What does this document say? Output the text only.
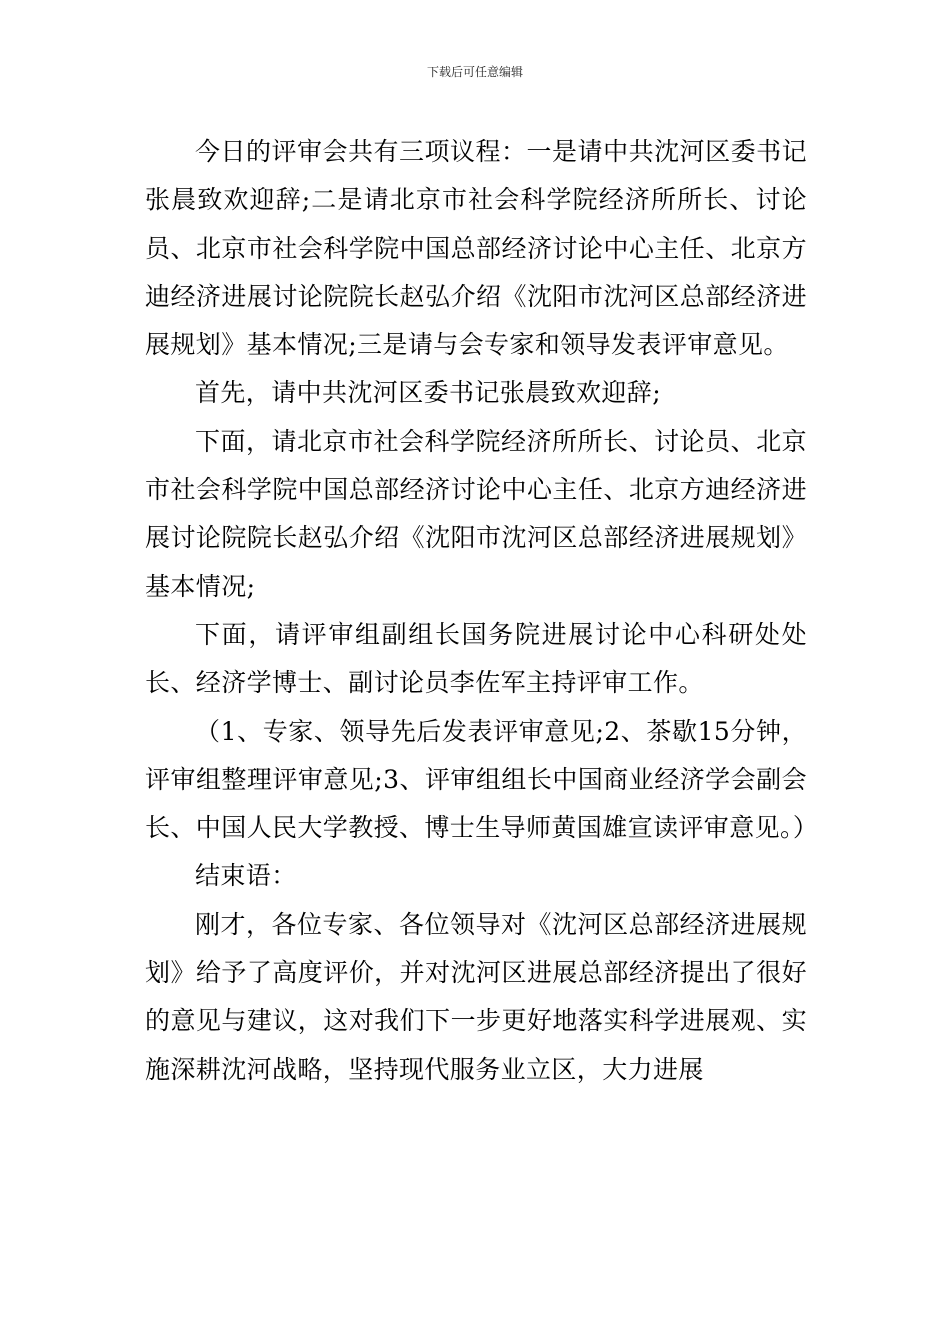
下载后可任意编辑

今日的评审会共有三项议程：一是请中共沈河区委书记张晨致欢迎辞;二是请北京市社会科学院经济所所长、讨论员、北京市社会科学院中国总部经济讨论中心主任、北京方迪经济进展讨论院院长赵弘介绍《沈阳市沈河区总部经济进展规划》基本情况;三是请与会专家和领导发表评审意见。

首先，请中共沈河区委书记张晨致欢迎辞;

下面，请北京市社会科学院经济所所长、讨论员、北京市社会科学院中国总部经济讨论中心主任、北京方迪经济进展讨论院院长赵弘介绍《沈阳市沈河区总部经济进展规划》基本情况;

下面，请评审组副组长国务院进展讨论中心科研处处长、经济学博士、副讨论员李佐军主持评审工作。

（1、专家、领导先后发表评审意见;2、茶歇15分钟，评审组整理评审意见;3、评审组组长中国商业经济学会副会长、中国人民大学教授、博士生导师黄国雄宣读评审意见。）

结束语：

刚才，各位专家、各位领导对《沈河区总部经济进展规划》给予了高度评价，并对沈河区进展总部经济提出了很好的意见与建议，这对我们下一步更好地落实科学进展观、实施深耕沈河战略，坚持现代服务业立区，大力进展
